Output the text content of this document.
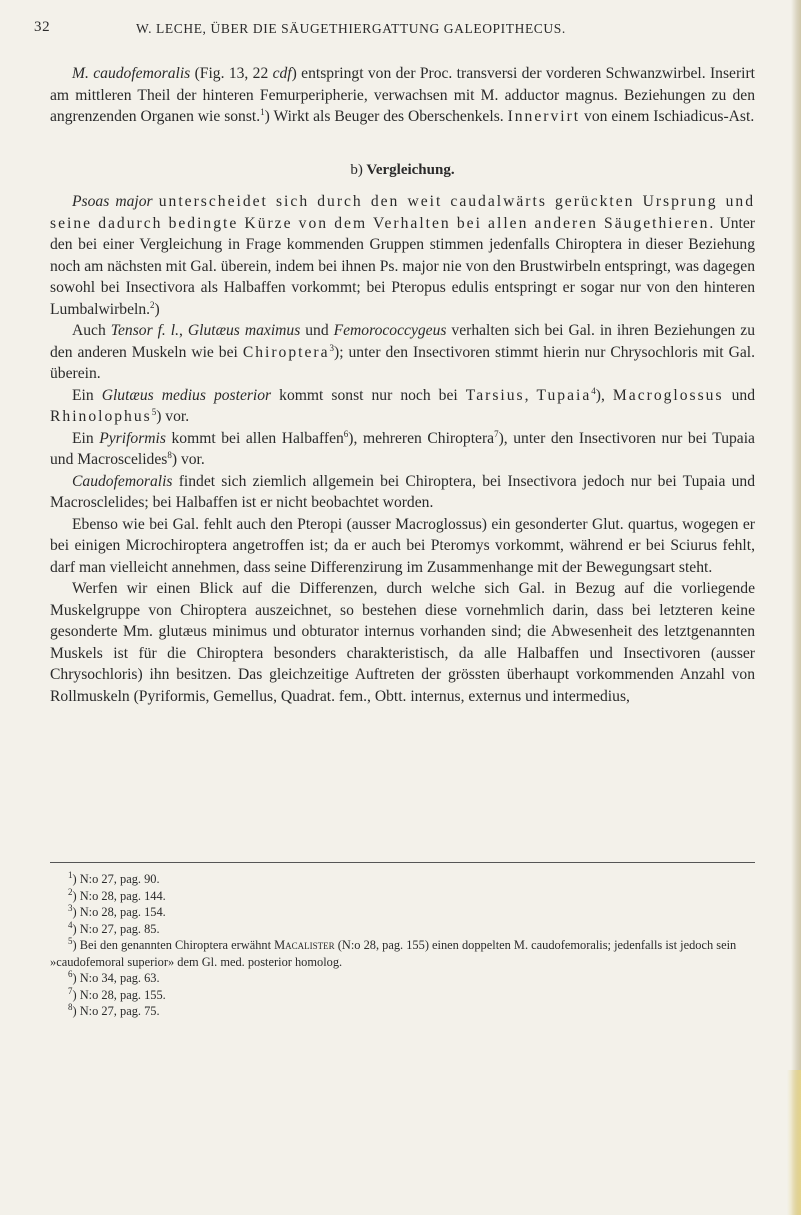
32	W. LECHE, ÜBER DIE SÄUGETHIERGATTUNG GALEOPITHECUS.

M. caudofemoralis (Fig. 13, 22 cdf) entspringt von der Proc. transversi der vorderen Schwanzwirbel. Inserirt am mittleren Theil der hinteren Femurperipherie, verwachsen mit M. adductor magnus. Beziehungen zu den angrenzenden Organen wie sonst.$^1$) Wirkt als Beuger des Oberschenkels. Innervirt von einem Ischiadicus-Ast.

b) Vergleichung.

Psoas major unterscheidet sich durch den weit caudalwärts gerückten Ursprung und seine dadurch bedingte Kürze von dem Verhalten bei allen anderen Säugethieren. Unter den bei einer Vergleichung in Frage kommenden Gruppen stimmen jedenfalls Chiroptera in dieser Beziehung noch am nächsten mit Gal. überein, indem bei ihnen Ps. major nie von den Brustwirbeln entspringt, was dagegen sowohl bei Insectivora als Halbaffen vorkommt; bei Pteropus edulis entspringt er sogar nur von den hinteren Lumbalwirbeln.$^2$)

Auch Tensor f. l., Glutæus maximus und Femorococcygeus verhalten sich bei Gal. in ihren Beziehungen zu den anderen Muskeln wie bei Chiroptera$^3$); unter den Insectivoren stimmt hierin nur Chrysochloris mit Gal. überein.

Ein Glutæus medius posterior kommt sonst nur noch bei Tarsius, Tupaia$^4$), Macroglossus und Rhinolophus$^5$) vor.

Ein Pyriformis kommt bei allen Halbaffen$^6$), mehreren Chiroptera$^7$), unter den Insectivoren nur bei Tupaia und Macroscelides$^8$) vor.

Caudofemoralis findet sich ziemlich allgemein bei Chiroptera, bei Insectivora jedoch nur bei Tupaia und Macrosclelides; bei Halbaffen ist er nicht beobachtet worden.

Ebenso wie bei Gal. fehlt auch den Pteropi (ausser Macroglossus) ein gesonderter Glut. quartus, wogegen er bei einigen Microchiroptera angetroffen ist; da er auch bei Pteromys vorkommt, während er bei Sciurus fehlt, darf man vielleicht annehmen, dass seine Differenzirung im Zusammenhange mit der Bewegungsart steht.

Werfen wir einen Blick auf die Differenzen, durch welche sich Gal. in Bezug auf die vorliegende Muskelgruppe von Chiroptera auszeichnet, so bestehen diese vornehmlich darin, dass bei letzteren keine gesonderte Mm. glutæus minimus und obturator internus vorhanden sind; die Abwesenheit des letztgenannten Muskels ist für die Chiroptera besonders charakteristisch, da alle Halbaffen und Insectivoren (ausser Chrysochloris) ihn besitzen. Das gleichzeitige Auftreten der grössten überhaupt vorkommenden Anzahl von Rollmuskeln (Pyriformis, Gemellus, Quadrat. fem., Obtt. internus, externus und intermedius,

$^1$) N:o 27, pag. 90.

$^2$) N:o 28, pag. 144.

$^3$) N:o 28, pag. 154.

$^4$) N:o 27, pag. 85.

$^5$) Bei den genannten Chiroptera erwähnt Macalister (N:o 28, pag. 155) einen doppelten M. caudofemoralis; jedenfalls ist jedoch sein »caudofemoral superior» dem Gl. med. posterior homolog.

$^6$) N:o 34, pag. 63.

$^7$) N:o 28, pag. 155.

$^8$) N:o 27, pag. 75.
